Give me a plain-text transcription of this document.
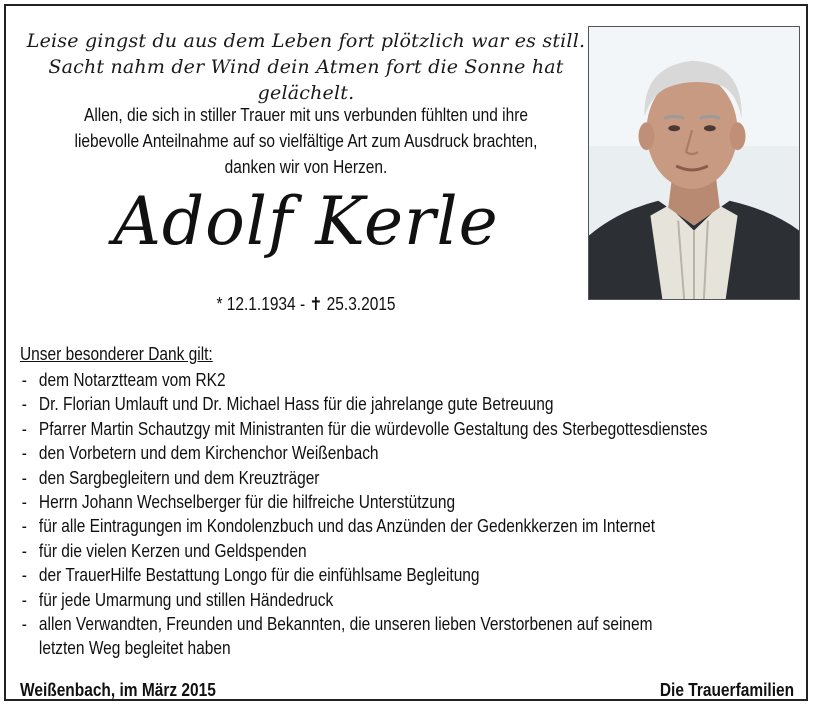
Leise gingst du aus dem Leben fort plötzlich war es still.
Sacht nahm der Wind dein Atmen fort die Sonne hat gelächelt.
Allen, die sich in stiller Trauer mit uns verbunden fühlten und ihre
liebevolle Anteilnahme auf so vielfältige Art zum Ausdruck brachten,
danken wir von Herzen.
Adolf Kerle
* 12.1.1934 - ✝ 25.3.2015
Unser besonderer Dank gilt:
- dem Notarztteam vom RK2
- Dr. Florian Umlauft und Dr. Michael Hass für die jahrelange gute Betreuung
- Pfarrer Martin Schautzgy mit Ministranten für die würdevolle Gestaltung des Sterbegottesdienstes
- den Vorbetern und dem Kirchenchor Weißenbach
- den Sargbegleitern und dem Kreuzträger
- Herrn Johann Wechselberger für die hilfreiche Unterstützung
- für alle Eintragungen im Kondolenzbuch und das Anzünden der Gedenkkerzen im Internet
- für die vielen Kerzen und Geldspenden
- der TrauerHilfe Bestattung Longo für die einfühlsame Begleitung
- für jede Umarmung und stillen Händedruck
- allen Verwandten, Freunden und Bekannten, die unseren lieben Verstorbenen auf seinem letzten Weg begleitet haben
Weißenbach, im März 2015	Die Trauerfamilien
